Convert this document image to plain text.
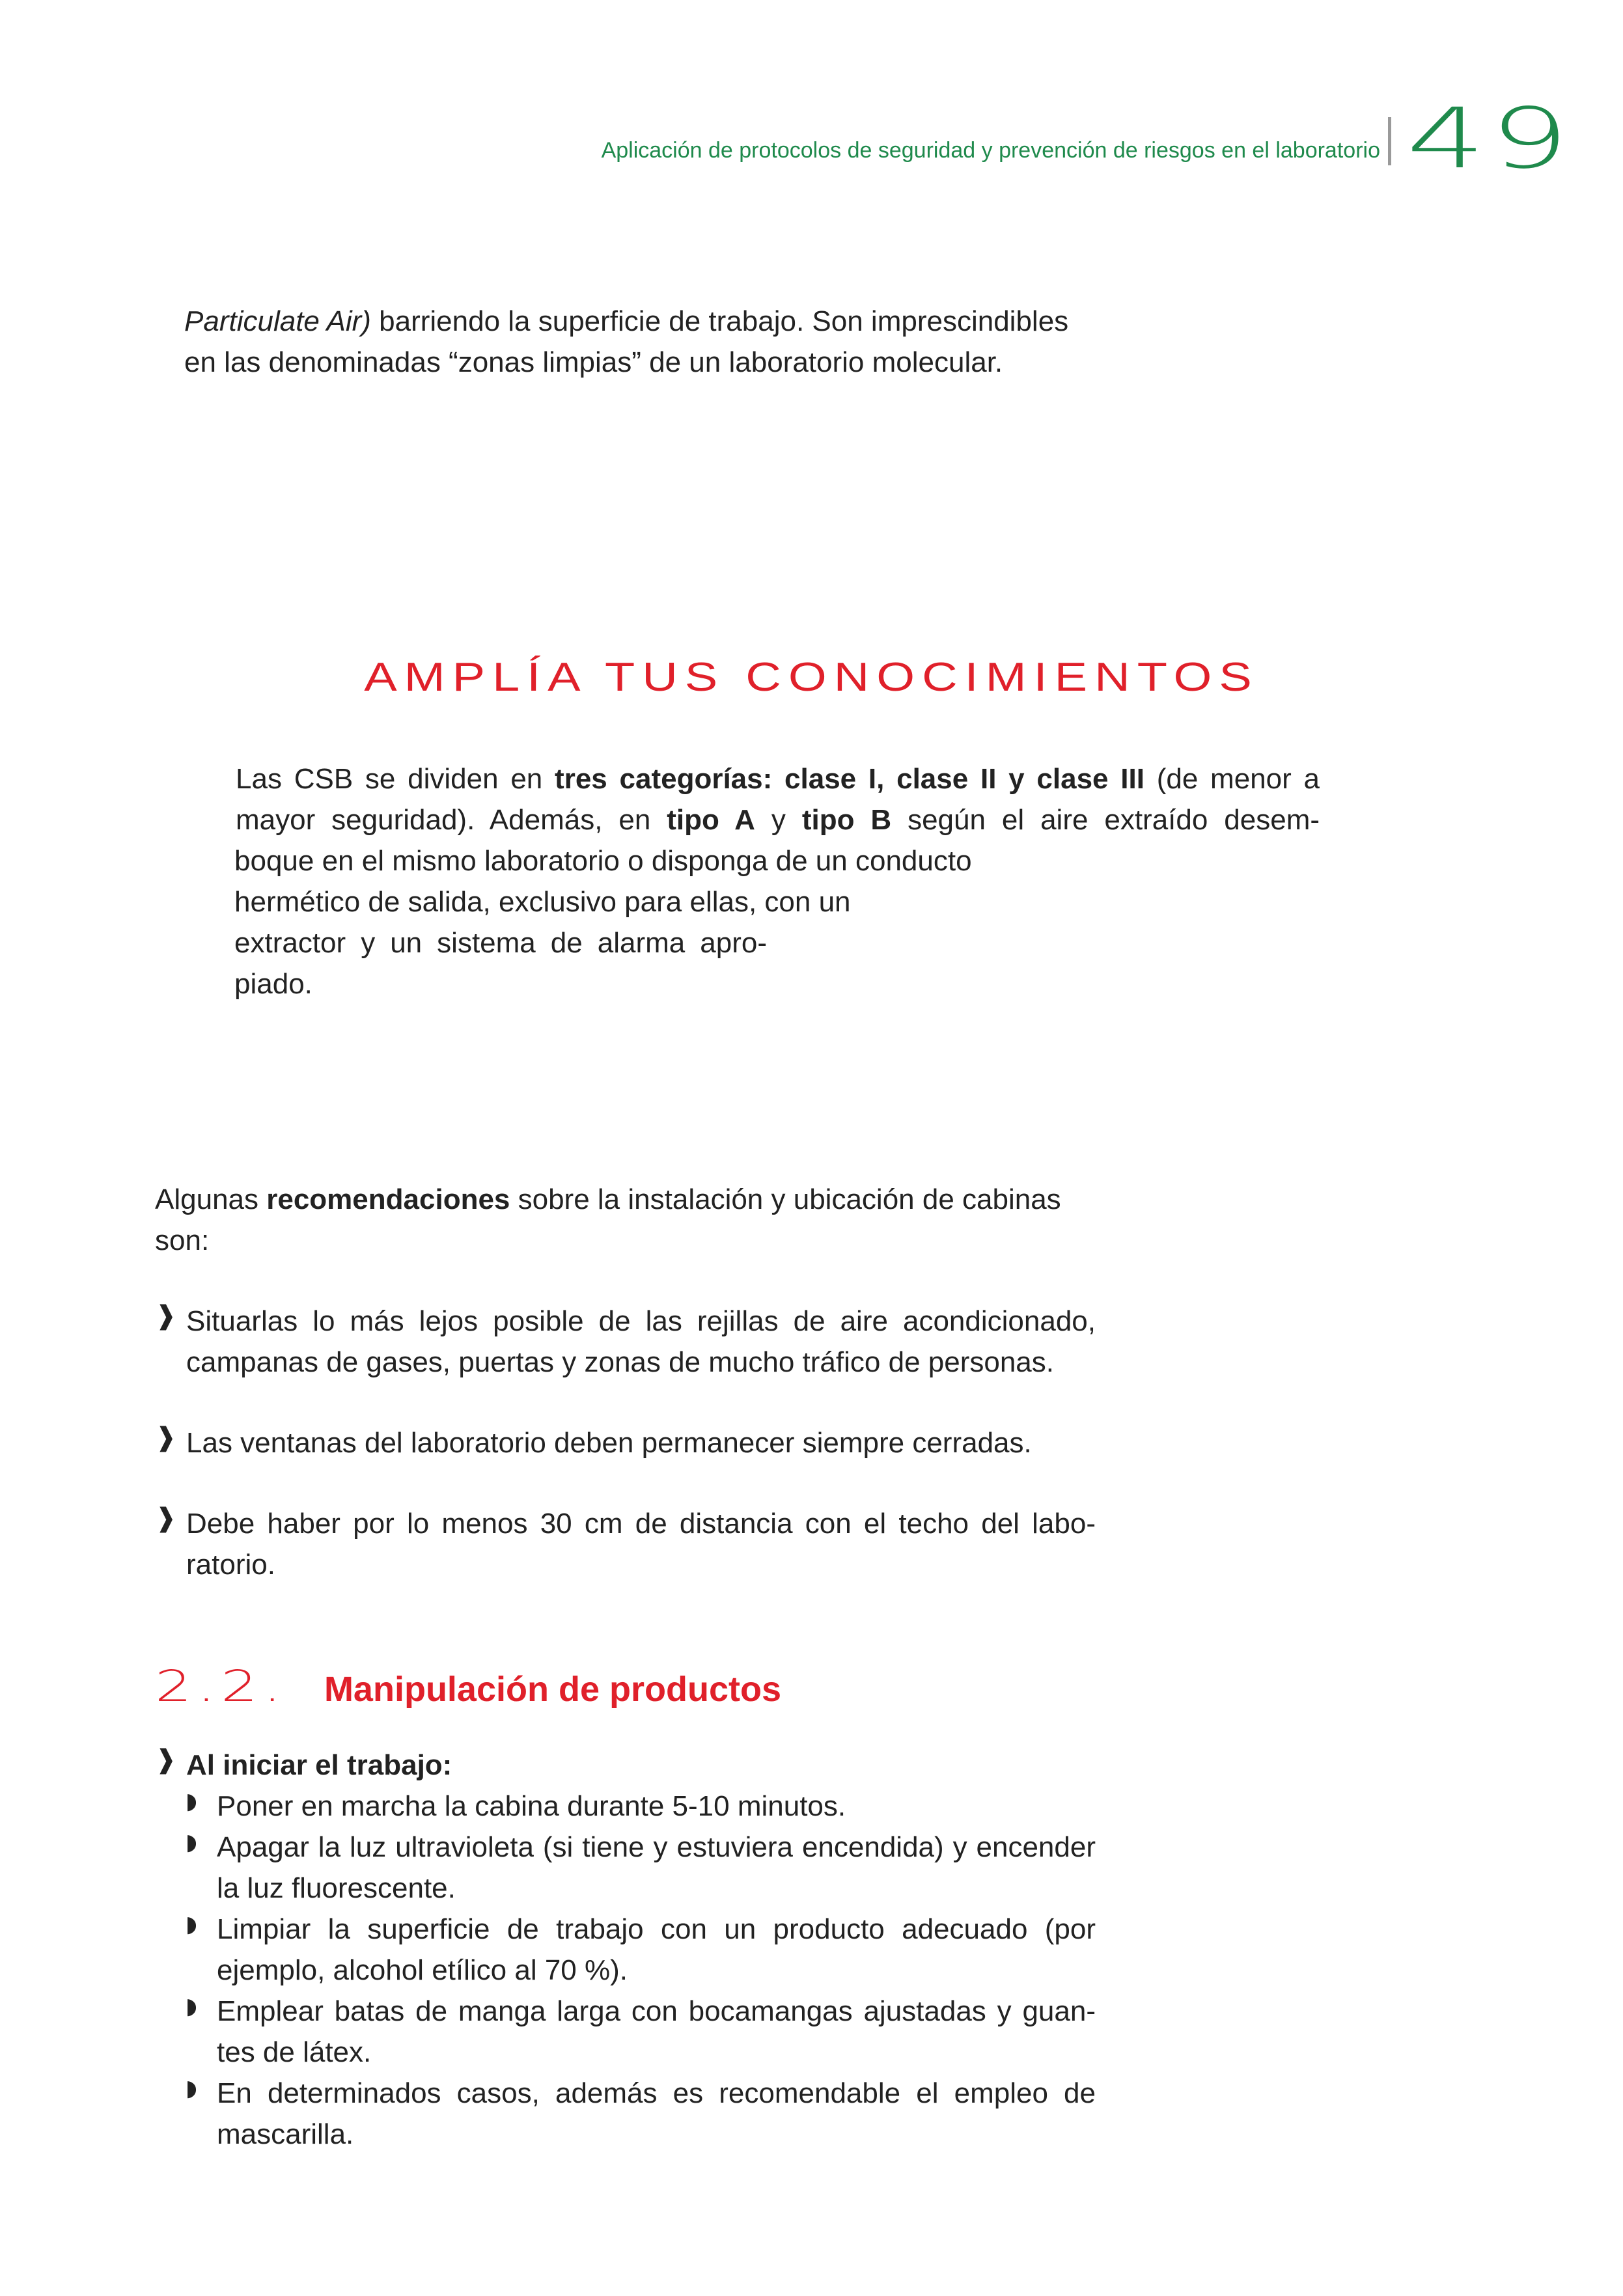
Aplicación de protocolos de seguridad y prevención de riesgos en el laboratorio 49

Particulate Air) barriendo la superficie de trabajo. Son imprescindibles
en las denominadas “zonas limpias” de un laboratorio molecular.

AMPLÍA TUS CONOCIMIENTOS

Las CSB se dividen en tres categorías: clase I, clase II y clase III (de menor a mayor seguridad). Además, en tipo A y tipo B según el aire extraído desem-

boque en el mismo laboratorio o disponga de un conducto
hermético de salida, exclusivo para ellas, con un

extractor y un sistema de alarma apro-

piado.

Algunas recomendaciones sobre la instalación y ubicación de cabinas son:

❱ Situarlas lo más lejos posible de las rejillas de aire acondicionado, campanas de gases, puertas y zonas de mucho tráfico de personas.

❱ Las ventanas del laboratorio deben permanecer siempre cerradas.

❱ Debe haber por lo menos 30 cm de distancia con el techo del labo-ratorio.

2.2. Manipulación de productos
❱ Al iniciar el trabajo:

◗ Poner en marcha la cabina durante 5-10 minutos.

◗ Apagar la luz ultravioleta (si tiene y estuviera encendida) y encender la luz fluorescente.

◗ Limpiar la superficie de trabajo con un producto adecuado (por ejemplo, alcohol etílico al 70 %).

◗ Emplear batas de manga larga con bocamangas ajustadas y guan-tes de látex.

◗ En determinados casos, además es recomendable el empleo de mascarilla.
